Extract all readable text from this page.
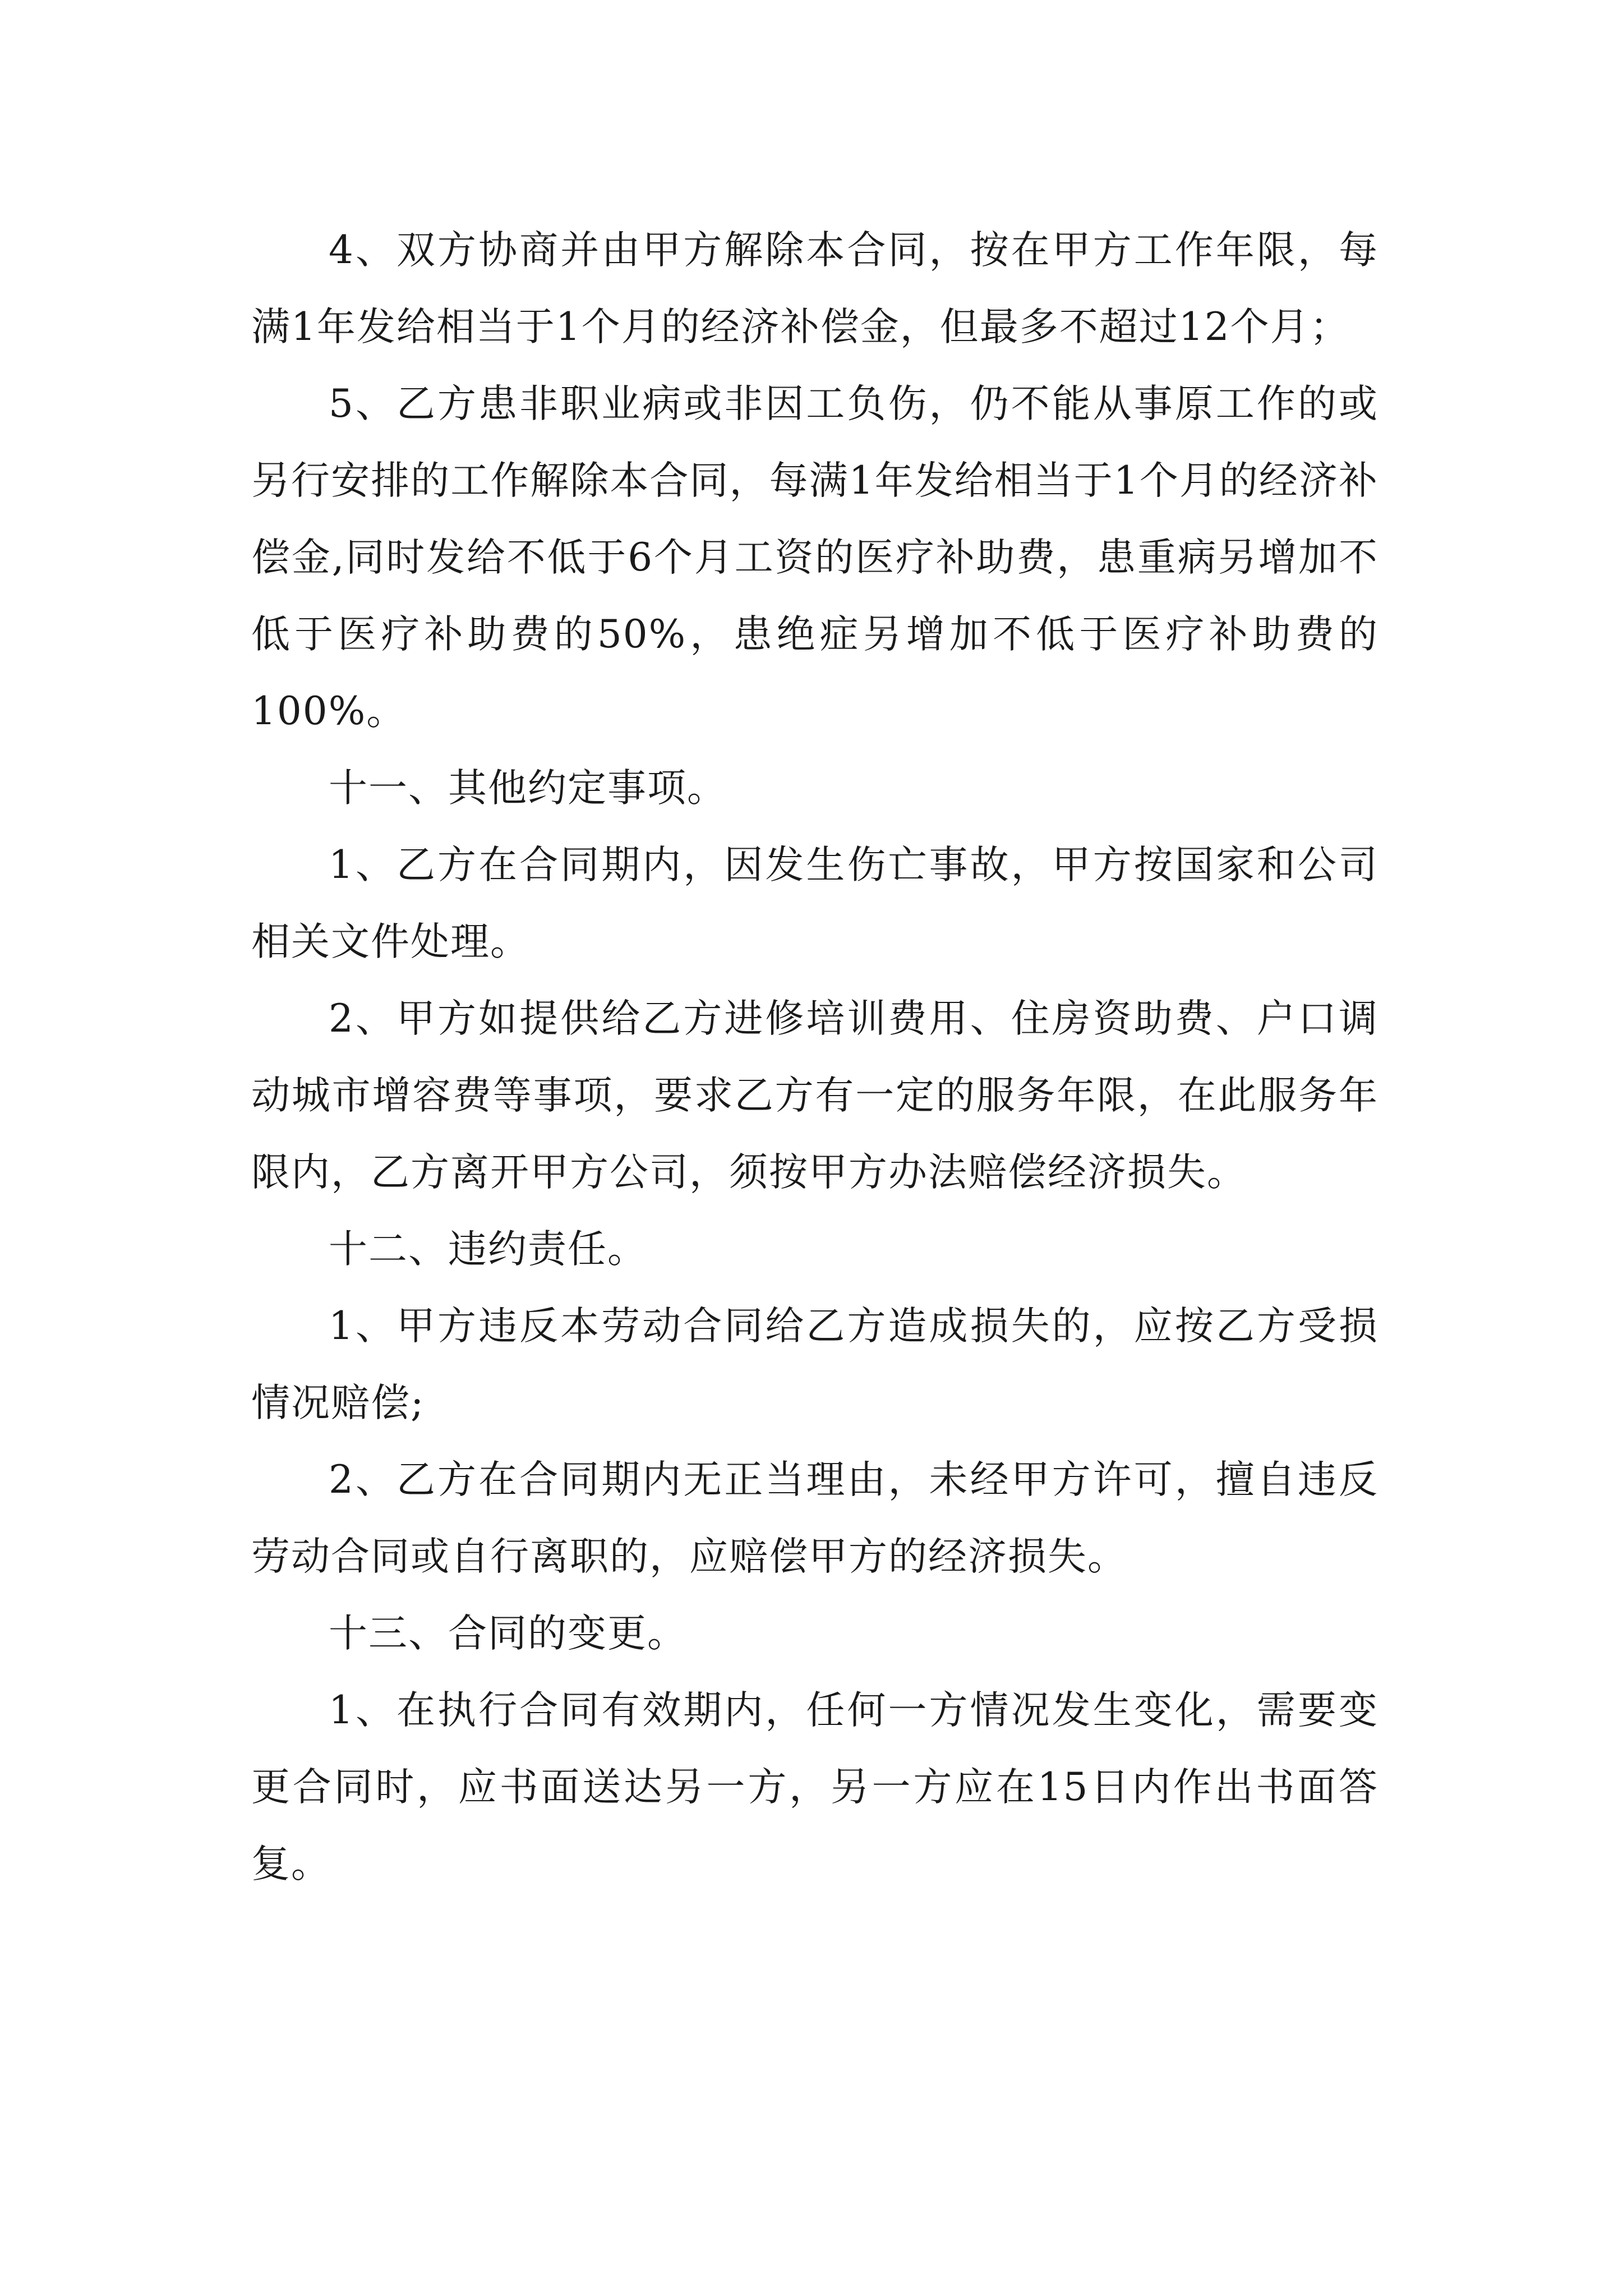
4、双方协商并由甲方解除本合同，按在甲方工作年限，每满1年发给相当于1个月的经济补偿金，但最多不超过12个月；

5、乙方患非职业病或非因工负伤，仍不能从事原工作的或另行安排的工作解除本合同，每满1年发给相当于1个月的经济补偿金,同时发给不低于6个月工资的医疗补助费，患重病另增加不低于医疗补助费的50%，患绝症另增加不低于医疗补助费的100%。

十一、其他约定事项。

1、乙方在合同期内，因发生伤亡事故，甲方按国家和公司相关文件处理。

2、甲方如提供给乙方进修培训费用、住房资助费、户口调动城市增容费等事项，要求乙方有一定的服务年限，在此服务年限内，乙方离开甲方公司，须按甲方办法赔偿经济损失。

十二、违约责任。

1、甲方违反本劳动合同给乙方造成损失的，应按乙方受损情况赔偿;

2、乙方在合同期内无正当理由，未经甲方许可，擅自违反劳动合同或自行离职的，应赔偿甲方的经济损失。

十三、合同的变更。

1、在执行合同有效期内，任何一方情况发生变化，需要变更合同时，应书面送达另一方，另一方应在15日内作出书面答复。
